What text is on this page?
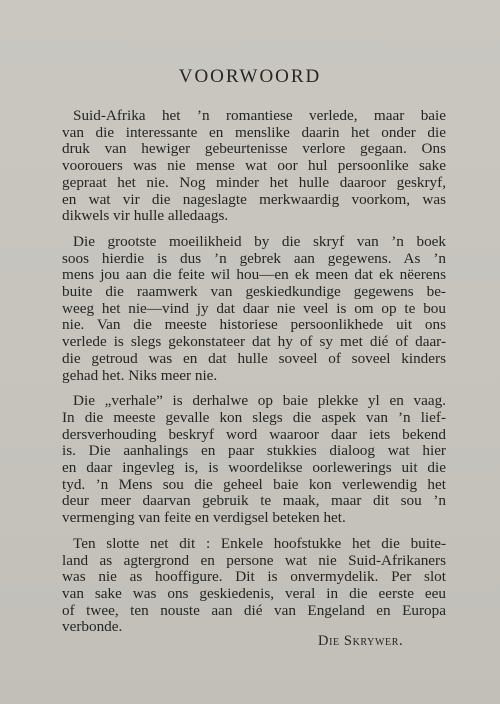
VOORWOORD
Suid-Afrika het ’n romantiese verlede, maar baie
van die interessante en menslike daarin het onder die
druk van hewiger gebeurtenisse verlore gegaan. Ons
voorouers was nie mense wat oor hul persoonlike sake
gepraat het nie. Nog minder het hulle daaroor geskryf,
en wat vir die nageslagte merkwaardig voorkom, was
dikwels vir hulle alledaags.
Die grootste moeilikheid by die skryf van ’n boek
soos hierdie is dus ’n gebrek aan gegewens. As ’n
mens jou aan die feite wil hou—en ek meen dat ek nëerens
buite die raamwerk van geskiedkundige gegewens be-
weeg het nie—vind jy dat daar nie veel is om op te bou
nie. Van die meeste historiese persoonlikhede uit ons
verlede is slegs gekonstateer dat hy of sy met dié of daar-
die getroud was en dat hulle soveel of soveel kinders
gehad het. Niks meer nie.
Die „verhale” is derhalwe op baie plekke yl en vaag.
In die meeste gevalle kon slegs die aspek van ’n lief-
dersverhouding beskryf word waaroor daar iets bekend
is. Die aanhalings en paar stukkies dialoog wat hier
en daar ingevleg is, is woordelikse oorlewerings uit die
tyd. ’n Mens sou die geheel baie kon verlewendig het
deur meer daarvan gebruik te maak, maar dit sou ’n
vermenging van feite en verdigsel beteken het.
Ten slotte net dit : Enkele hoofstukke het die buite-
land as agtergrond en persone wat nie Suid-Afrikaners
was nie as hooffigure. Dit is onvermydelik. Per slot
van sake was ons geskiedenis, veral in die eerste eeu
of twee, ten nouste aan dié van Engeland en Europa
verbonde.
Die Skrywer.
